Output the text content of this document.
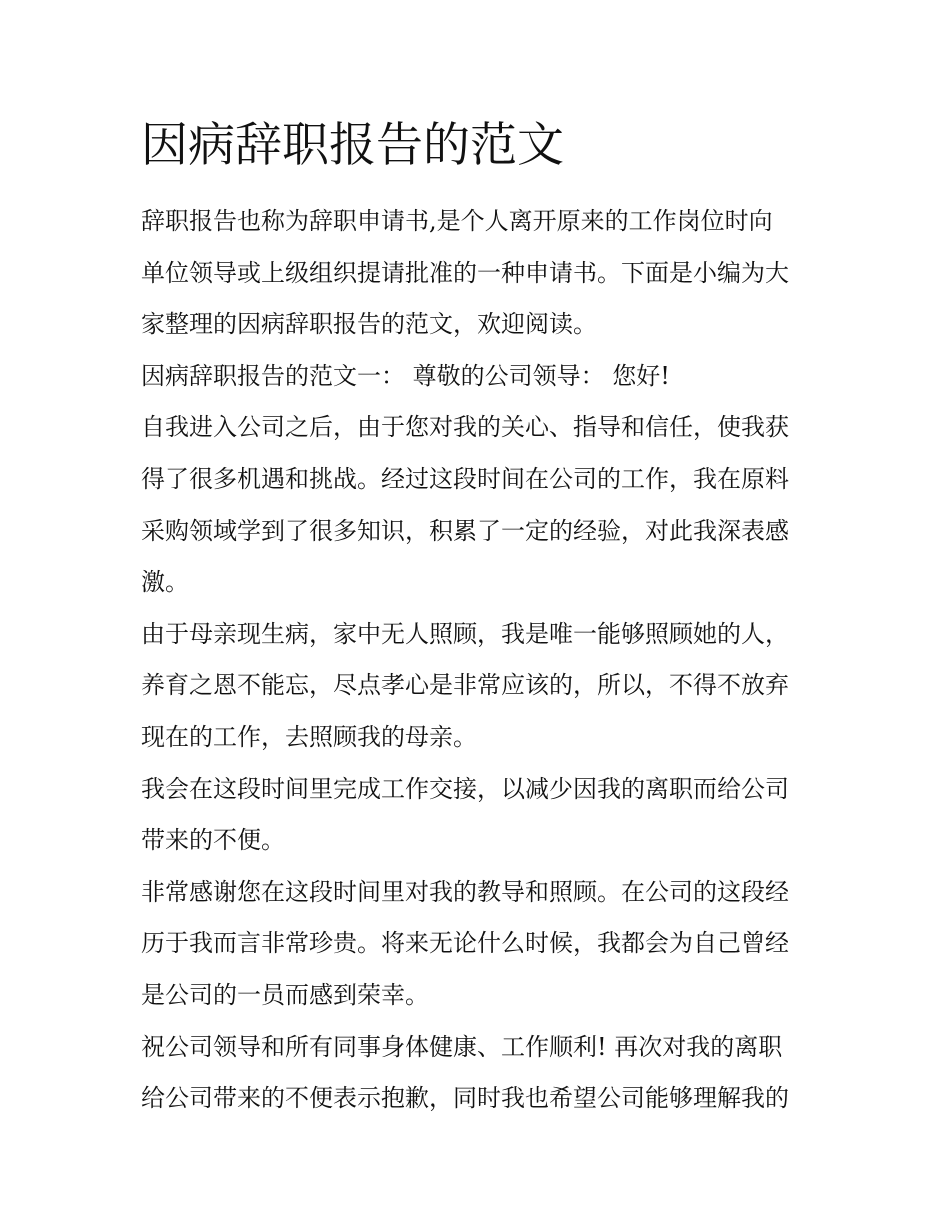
因病辞职报告的范文
辞职报告也称为辞职申请书,是个人离开原来的工作岗位时向
单位领导或上级组织提请批准的一种申请书。下面是小编为大
家整理的因病辞职报告的范文，欢迎阅读。
因病辞职报告的范文一： 尊敬的公司领导： 您好!
自我进入公司之后，由于您对我的关心、指导和信任，使我获
得了很多机遇和挑战。经过这段时间在公司的工作，我在原料
采购领域学到了很多知识，积累了一定的经验，对此我深表感
激。
由于母亲现生病，家中无人照顾，我是唯一能够照顾她的人，
养育之恩不能忘，尽点孝心是非常应该的，所以，不得不放弃
现在的工作，去照顾我的母亲。
我会在这段时间里完成工作交接，以减少因我的离职而给公司
带来的不便。
非常感谢您在这段时间里对我的教导和照顾。在公司的这段经
历于我而言非常珍贵。将来无论什么时候，我都会为自己曾经
是公司的一员而感到荣幸。
祝公司领导和所有同事身体健康、工作顺利! 再次对我的离职
给公司带来的不便表示抱歉，同时我也希望公司能够理解我的
